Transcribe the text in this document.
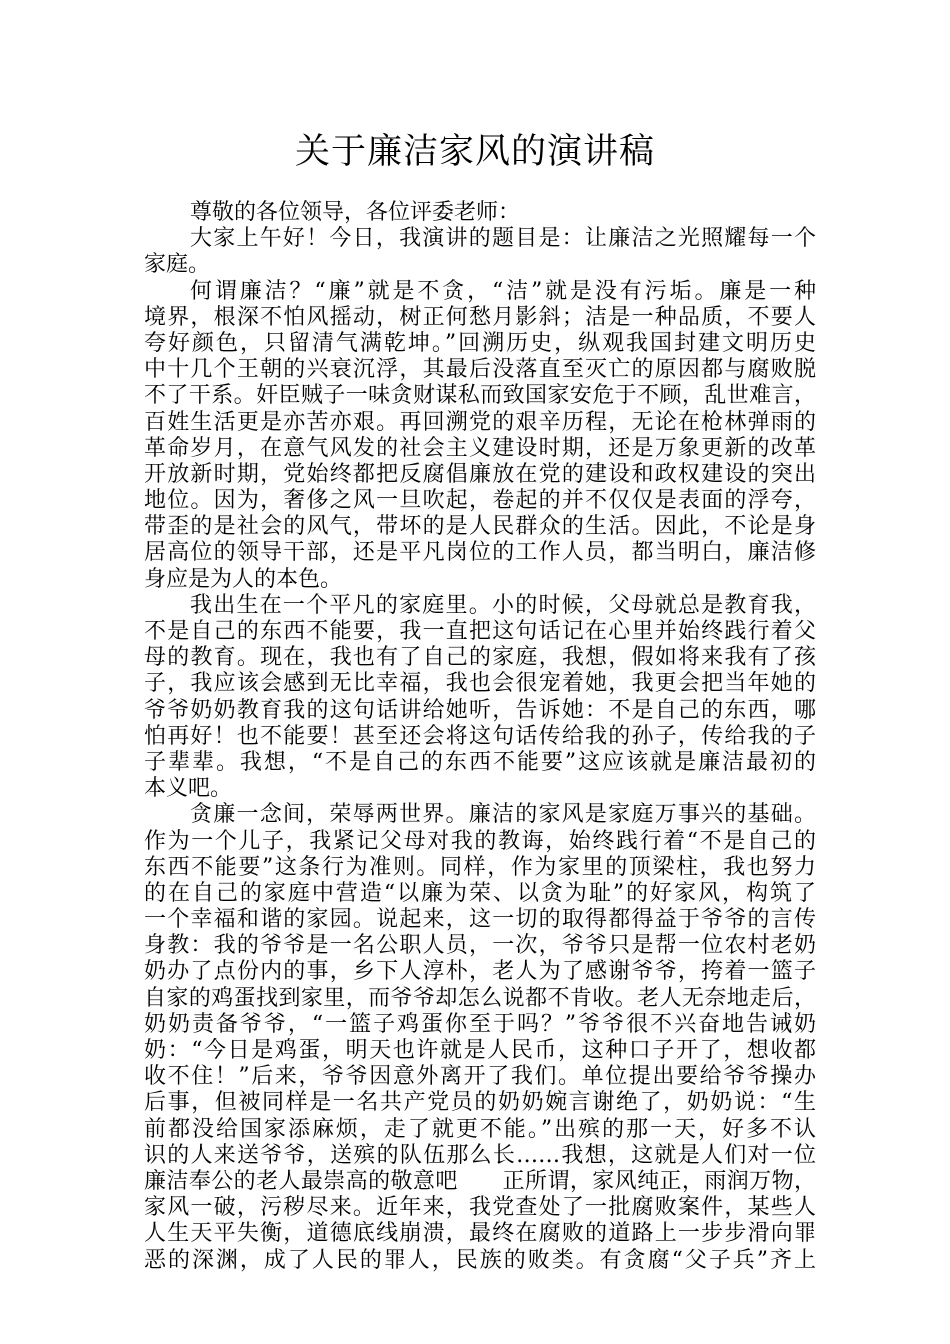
关于廉洁家风的演讲稿
尊敬的各位领导，各位评委老师：
大家上午好！今日，我演讲的题目是：让廉洁之光照耀每一个
家庭。
何谓廉洁？“廉”就是不贪，“洁”就是没有污垢。廉是一种
境界，根深不怕风摇动，树正何愁月影斜；洁是一种品质，不要人
夸好颜色，只留清气满乾坤。”回溯历史，纵观我国封建文明历史
中十几个王朝的兴衰沉浮，其最后没落直至灭亡的原因都与腐败脱
不了干系。奸臣贼子一味贪财谋私而致国家安危于不顾，乱世难言，
百姓生活更是亦苦亦艰。再回溯党的艰辛历程，无论在枪林弹雨的
革命岁月，在意气风发的社会主义建设时期，还是万象更新的改革
开放新时期，党始终都把反腐倡廉放在党的建设和政权建设的突出
地位。因为，奢侈之风一旦吹起，卷起的并不仅仅是表面的浮夸，
带歪的是社会的风气，带坏的是人民群众的生活。因此，不论是身
居高位的领导干部，还是平凡岗位的工作人员，都当明白，廉洁修
身应是为人的本色。
我出生在一个平凡的家庭里。小的时候，父母就总是教育我，
不是自己的东西不能要，我一直把这句话记在心里并始终践行着父
母的教育。现在，我也有了自己的家庭，我想，假如将来我有了孩
子，我应该会感到无比幸福，我也会很宠着她，我更会把当年她的
爷爷奶奶教育我的这句话讲给她听，告诉她：不是自己的东西，哪
怕再好！也不能要！甚至还会将这句话传给我的孙子，传给我的子
子辈辈。我想，“不是自己的东西不能要”这应该就是廉洁最初的
本义吧。
贪廉一念间，荣辱两世界。廉洁的家风是家庭万事兴的基础。
作为一个儿子，我紧记父母对我的教诲，始终践行着“不是自己的
东西不能要”这条行为准则。同样，作为家里的顶梁柱，我也努力
的在自己的家庭中营造“以廉为荣、以贪为耻”的好家风，构筑了
一个幸福和谐的家园。说起来，这一切的取得都得益于爷爷的言传
身教：我的爷爷是一名公职人员，一次，爷爷只是帮一位农村老奶
奶办了点份内的事，乡下人淳朴，老人为了感谢爷爷，挎着一篮子
自家的鸡蛋找到家里，而爷爷却怎么说都不肯收。老人无奈地走后，
奶奶责备爷爷，“一篮子鸡蛋你至于吗？”爷爷很不兴奋地告诫奶
奶：“今日是鸡蛋，明天也许就是人民币，这种口子开了，想收都
收不住！”后来，爷爷因意外离开了我们。单位提出要给爷爷操办
后事，但被同样是一名共产党员的奶奶婉言谢绝了，奶奶说：“生
前都没给国家添麻烦，走了就更不能。”出殡的那一天，好多不认
识的人来送爷爷，送殡的队伍那么长……我想，这就是人们对一位
廉洁奉公的老人最崇高的敬意吧　　正所谓，家风纯正，雨润万物，
家风一破，污秽尽来。近年来，我党查处了一批腐败案件，某些人
人生天平失衡，道德底线崩溃，最终在腐败的道路上一步步滑向罪
恶的深渊，成了人民的罪人，民族的败类。有贪腐“父子兵”齐上
